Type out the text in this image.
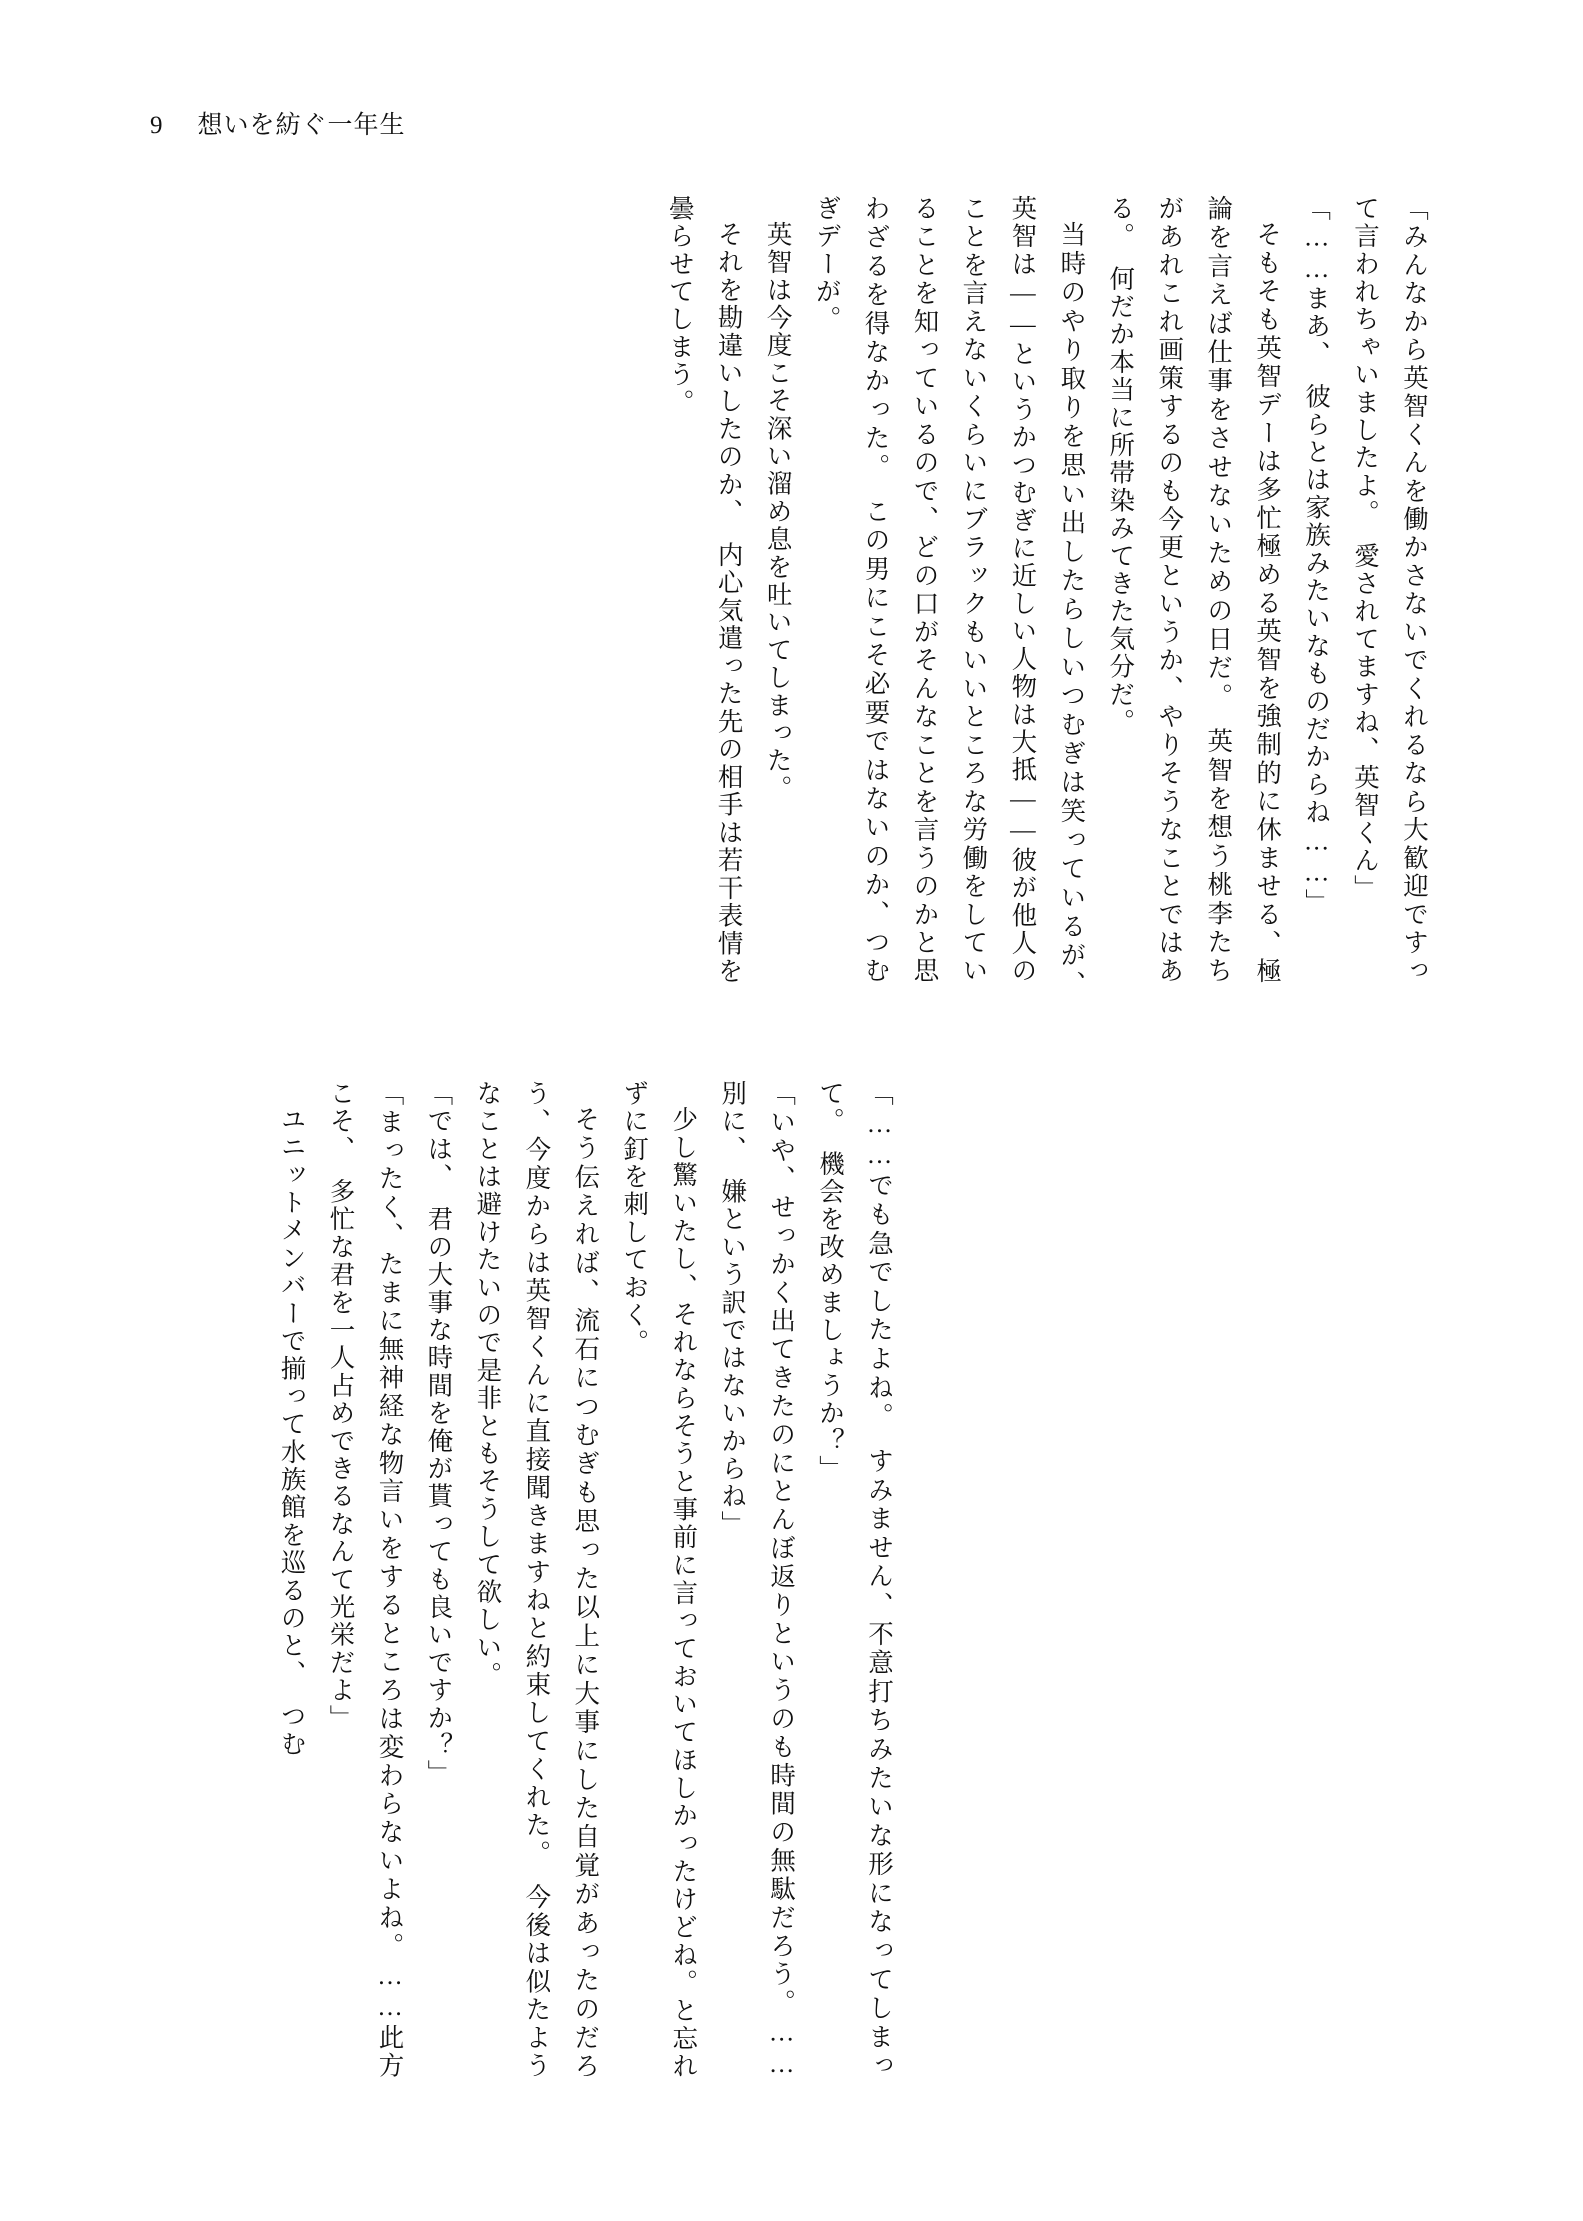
9 想いを紡ぐ一年生

「みんなから英智くんを働かさないでくれるなら大歓迎ですって言われちゃいましたよ。　愛されてますね、英智くん」

「……まあ、　彼らとは家族みたいなものだからね……」

そもそも英智デーは多忙極める英智を強制的に休ませる、極論を言えば仕事をさせないための日だ。　英智を想う桃李たちがあれこれ画策するのも今更というか、やりそうなことではある。　何だか本当に所帯染みてきた気分だ。

当時のやり取りを思い出したらしいつむぎは笑っているが、　英智は――というかつむぎに近しい人物は大抵――彼が他人のことを言えないくらいにブラックもいいところな労働をしていることを知っているので、どの口がそんなことを言うのかと思わざるを得なかった。　この男にこそ必要ではないのか、つむぎデーが。

英智は今度こそ深い溜め息を吐いてしまった。

それを勘違いしたのか、　内心気遣った先の相手は若干表情を曇らせてしまう。

「……でも急でしたよね。　すみません、不意打ちみたいな形になってしまって。　機会を改めましょうか？」

「いや、せっかく出てきたのにとんぼ返りというのも時間の無駄だろう。……別に、　嫌という訳ではないからね」

少し驚いたし、それならそうと事前に言っておいてほしかったけどね。と忘れずに釘を刺しておく。

そう伝えれば、流石につむぎも思った以上に大事にした自覚があったのだろう、今度からは英智くんに直接聞きますねと約束してくれた。　今後は似たようなことは避けたいので是非ともそうして欲しい。

「では、　君の大事な時間を俺が貰っても良いですか？」

「まったく、たまに無神経な物言いをするところは変わらないよね。……此方こそ、　多忙な君を一人占めできるなんて光栄だよ」

ユニットメンバーで揃って水族館を巡るのと、　つむ
